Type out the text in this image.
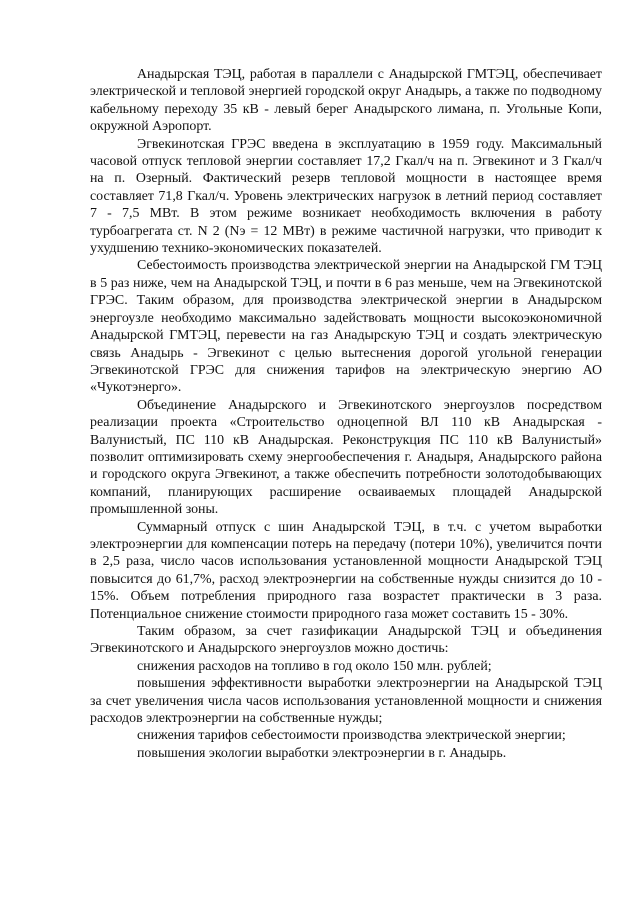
Анадырская ТЭЦ, работая в параллели с Анадырской ГМТЭЦ, обеспечивает электрической и тепловой энергией городской округ Анадырь, а также по подводному кабельному переходу 35 кВ - левый берег Анадырского лимана, п. Угольные Копи, окружной Аэропорт.

Эгвекинотская ГРЭС введена в эксплуатацию в 1959 году. Максимальный часовой отпуск тепловой энергии составляет 17,2 Гкал/ч на п. Эгвекинот и 3 Гкал/ч на п. Озерный. Фактический резерв тепловой мощности в настоящее время составляет 71,8 Гкал/ч. Уровень электрических нагрузок в летний период составляет 7 - 7,5 МВт. В этом режиме возникает необходимость включения в работу турбоагрегата ст. N 2 (Nэ = 12 МВт) в режиме частичной нагрузки, что приводит к ухудшению технико-экономических показателей.

Себестоимость производства электрической энергии на Анадырской ГМ ТЭЦ в 5 раз ниже, чем на Анадырской ТЭЦ, и почти в 6 раз меньше, чем на Эгвекинотской ГРЭС. Таким образом, для производства электрической энергии в Анадырском энергоузле необходимо максимально задействовать мощности высокоэкономичной Анадырской ГМТЭЦ, перевести на газ Анадырскую ТЭЦ и создать электрическую связь Анадырь - Эгвекинот с целью вытеснения дорогой угольной генерации Эгвекинотской ГРЭС для снижения тарифов на электрическую энергию АО «Чукотэнерго».

Объединение Анадырского и Эгвекинотского энергоузлов посредством реализации проекта «Строительство одноцепной ВЛ 110 кВ Анадырская - Валунистый, ПС 110 кВ Анадырская. Реконструкция ПС 110 кВ Валунистый» позволит оптимизировать схему энергообеспечения г. Анадыря, Анадырского района и городского округа Эгвекинот, а также обеспечить потребности золотодобывающих компаний, планирующих расширение осваиваемых площадей Анадырской промышленной зоны.

Суммарный отпуск с шин Анадырской ТЭЦ, в т.ч. с учетом выработки электроэнергии для компенсации потерь на передачу (потери 10%), увеличится почти в 2,5 раза, число часов использования установленной мощности Анадырской ТЭЦ повысится до 61,7%, расход электроэнергии на собственные нужды снизится до 10 - 15%. Объем потребления природного газа возрастет практически в 3 раза. Потенциальное снижение стоимости природного газа может составить 15 - 30%.

Таким образом, за счет газификации Анадырской ТЭЦ и объединения Эгвекинотского и Анадырского энергоузлов можно достичь:

снижения расходов на топливо в год около 150 млн. рублей;

повышения эффективности выработки электроэнергии на Анадырской ТЭЦ за счет увеличения числа часов использования установленной мощности и снижения расходов электроэнергии на собственные нужды;

снижения тарифов себестоимости производства электрической энергии;

повышения экологии выработки электроэнергии в г. Анадырь.
